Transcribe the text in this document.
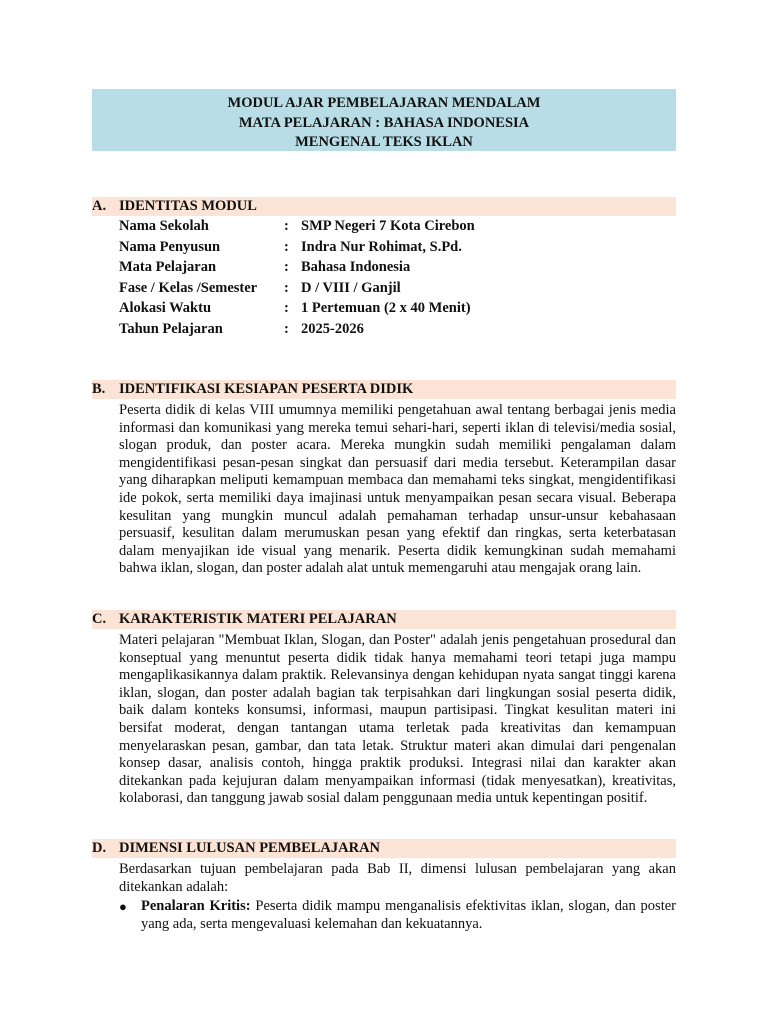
MODUL AJAR PEMBELAJARAN MENDALAM
MATA PELAJARAN : BAHASA INDONESIA
MENGENAL TEKS IKLAN
A. IDENTITAS MODUL
Nama Sekolah	: SMP Negeri 7 Kota Cirebon
Nama Penyusun	: Indra Nur Rohimat, S.Pd.
Mata Pelajaran	: Bahasa Indonesia
Fase / Kelas /Semester	: D / VIII / Ganjil
Alokasi Waktu	: 1 Pertemuan (2 x 40 Menit)
Tahun Pelajaran	: 2025-2026
B. IDENTIFIKASI KESIAPAN PESERTA DIDIK
Peserta didik di kelas VIII umumnya memiliki pengetahuan awal tentang berbagai jenis media informasi dan komunikasi yang mereka temui sehari-hari, seperti iklan di televisi/media sosial, slogan produk, dan poster acara. Mereka mungkin sudah memiliki pengalaman dalam mengidentifikasi pesan-pesan singkat dan persuasif dari media tersebut. Keterampilan dasar yang diharapkan meliputi kemampuan membaca dan memahami teks singkat, mengidentifikasi ide pokok, serta memiliki daya imajinasi untuk menyampaikan pesan secara visual. Beberapa kesulitan yang mungkin muncul adalah pemahaman terhadap unsur-unsur kebahasaan persuasif, kesulitan dalam merumuskan pesan yang efektif dan ringkas, serta keterbatasan dalam menyajikan ide visual yang menarik. Peserta didik kemungkinan sudah memahami bahwa iklan, slogan, dan poster adalah alat untuk memengaruhi atau mengajak orang lain.
C. KARAKTERISTIK MATERI PELAJARAN
Materi pelajaran "Membuat Iklan, Slogan, dan Poster" adalah jenis pengetahuan prosedural dan konseptual yang menuntut peserta didik tidak hanya memahami teori tetapi juga mampu mengaplikasikannya dalam praktik. Relevansinya dengan kehidupan nyata sangat tinggi karena iklan, slogan, dan poster adalah bagian tak terpisahkan dari lingkungan sosial peserta didik, baik dalam konteks konsumsi, informasi, maupun partisipasi. Tingkat kesulitan materi ini bersifat moderat, dengan tantangan utama terletak pada kreativitas dan kemampuan menyelaraskan pesan, gambar, dan tata letak. Struktur materi akan dimulai dari pengenalan konsep dasar, analisis contoh, hingga praktik produksi. Integrasi nilai dan karakter akan ditekankan pada kejujuran dalam menyampaikan informasi (tidak menyesatkan), kreativitas, kolaborasi, dan tanggung jawab sosial dalam penggunaan media untuk kepentingan positif.
D. DIMENSI LULUSAN PEMBELAJARAN
Berdasarkan tujuan pembelajaran pada Bab II, dimensi lulusan pembelajaran yang akan ditekankan adalah:
● Penalaran Kritis: Peserta didik mampu menganalisis efektivitas iklan, slogan, dan poster yang ada, serta mengevaluasi kelemahan dan kekuatannya.
